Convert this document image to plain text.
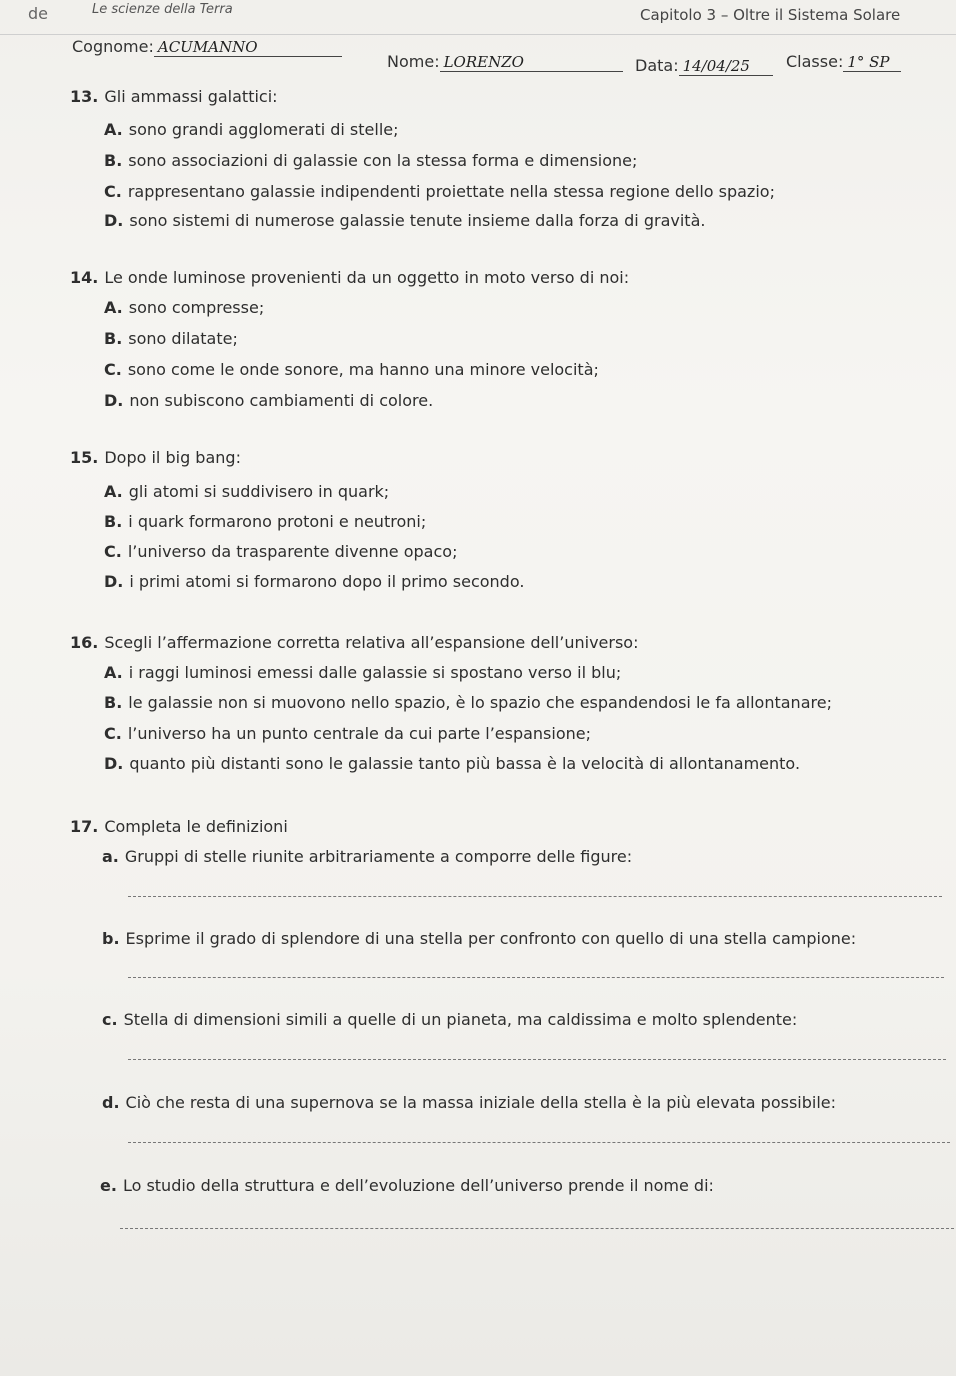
de	Le scienze della Terra	Capitolo 3 – Oltre il Sistema Solare
Cognome: ACUMANNO
Nome: LORENZO	Data: 14/04/25	Classe: 1° SP
13. Gli ammassi galattici:
A. sono grandi agglomerati di stelle;
B. sono associazioni di galassie con la stessa forma e dimensione;
C. rappresentano galassie indipendenti proiettate nella stessa regione dello spazio;
D. sono sistemi di numerose galassie tenute insieme dalla forza di gravità.
14. Le onde luminose provenienti da un oggetto in moto verso di noi:
A. sono compresse;
B. sono dilatate;
C. sono come le onde sonore, ma hanno una minore velocità;
D. non subiscono cambiamenti di colore.
15. Dopo il big bang:
A. gli atomi si suddivisero in quark;
B. i quark formarono protoni e neutroni;
C. l’universo da trasparente divenne opaco;
D. i primi atomi si formarono dopo il primo secondo.
16. Scegli l’affermazione corretta relativa all’espansione dell’universo:
A. i raggi luminosi emessi dalle galassie si spostano verso il blu;
B. le galassie non si muovono nello spazio, è lo spazio che espandendosi le fa allontanare;
C. l’universo ha un punto centrale da cui parte l’espansione;
D. quanto più distanti sono le galassie tanto più bassa è la velocità di allontanamento.
17. Completa le definizioni
a. Gruppi di stelle riunite arbitrariamente a comporre delle figure:
b. Esprime il grado di splendore di una stella per confronto con quello di una stella campione:
c. Stella di dimensioni simili a quelle di un pianeta, ma caldissima e molto splendente:
d. Ciò che resta di una supernova se la massa iniziale della stella è la più elevata possibile:
e. Lo studio della struttura e dell’evoluzione dell’universo prende il nome di:
